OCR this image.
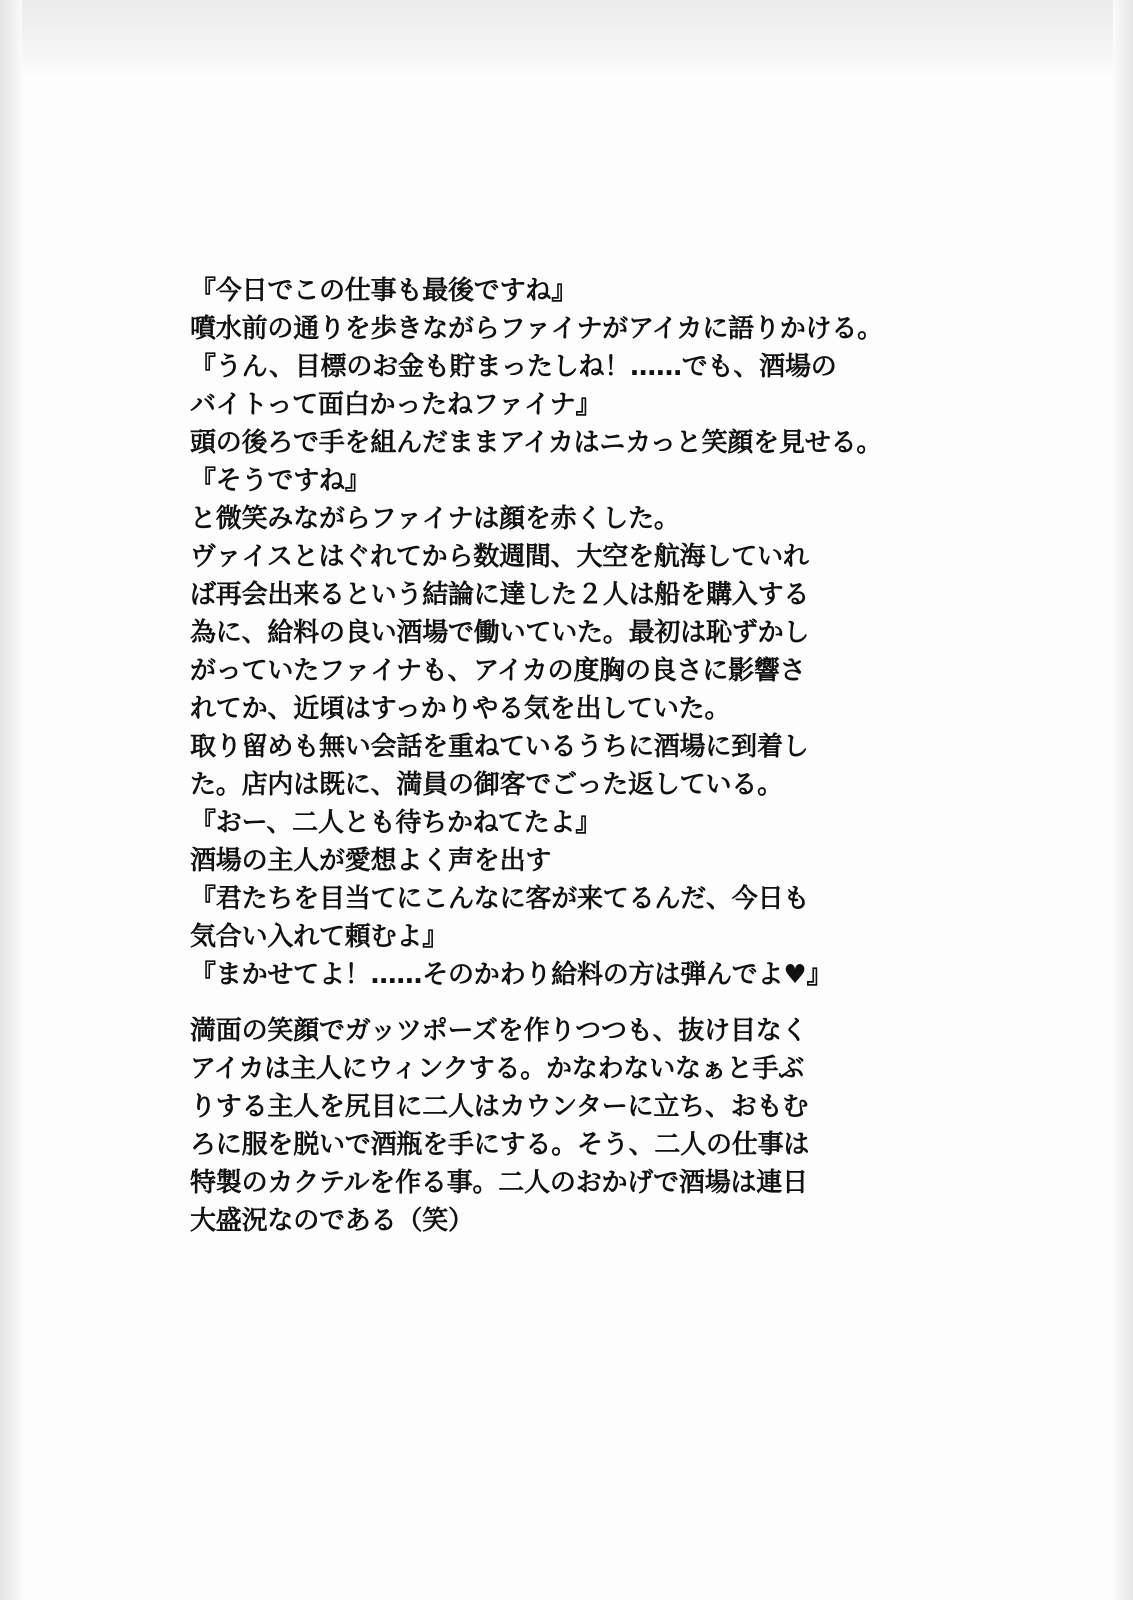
『今日でこの仕事も最後ですね』
噴水前の通りを歩きながらファイナがアイカに語りかける。
『うん、目標のお金も貯まったしね！……でも、酒場の
バイトって面白かったねファイナ』
頭の後ろで手を組んだままアイカはニカっと笑顔を見せる。
『そうですね』
と微笑みながらファイナは顔を赤くした。
ヴァイスとはぐれてから数週間、大空を航海していれ
ば再会出来るという結論に達した２人は船を購入する
為に、給料の良い酒場で働いていた。最初は恥ずかし
がっていたファイナも、アイカの度胸の良さに影響さ
れてか、近頃はすっかりやる気を出していた。
取り留めも無い会話を重ねているうちに酒場に到着し
た。店内は既に、満員の御客でごった返している。
『おー、二人とも待ちかねてたよ』
酒場の主人が愛想よく声を出す
『君たちを目当てにこんなに客が来てるんだ、今日も
気合い入れて頼むよ』
『まかせてよ！……そのかわり給料の方は弾んでよ♥』
満面の笑顔でガッツポーズを作りつつも、抜け目なく
アイカは主人にウィンクする。かなわないなぁと手ぶ
りする主人を尻目に二人はカウンターに立ち、おもむ
ろに服を脱いで酒瓶を手にする。そう、二人の仕事は
特製のカクテルを作る事。二人のおかげで酒場は連日
大盛況なのである（笑）
